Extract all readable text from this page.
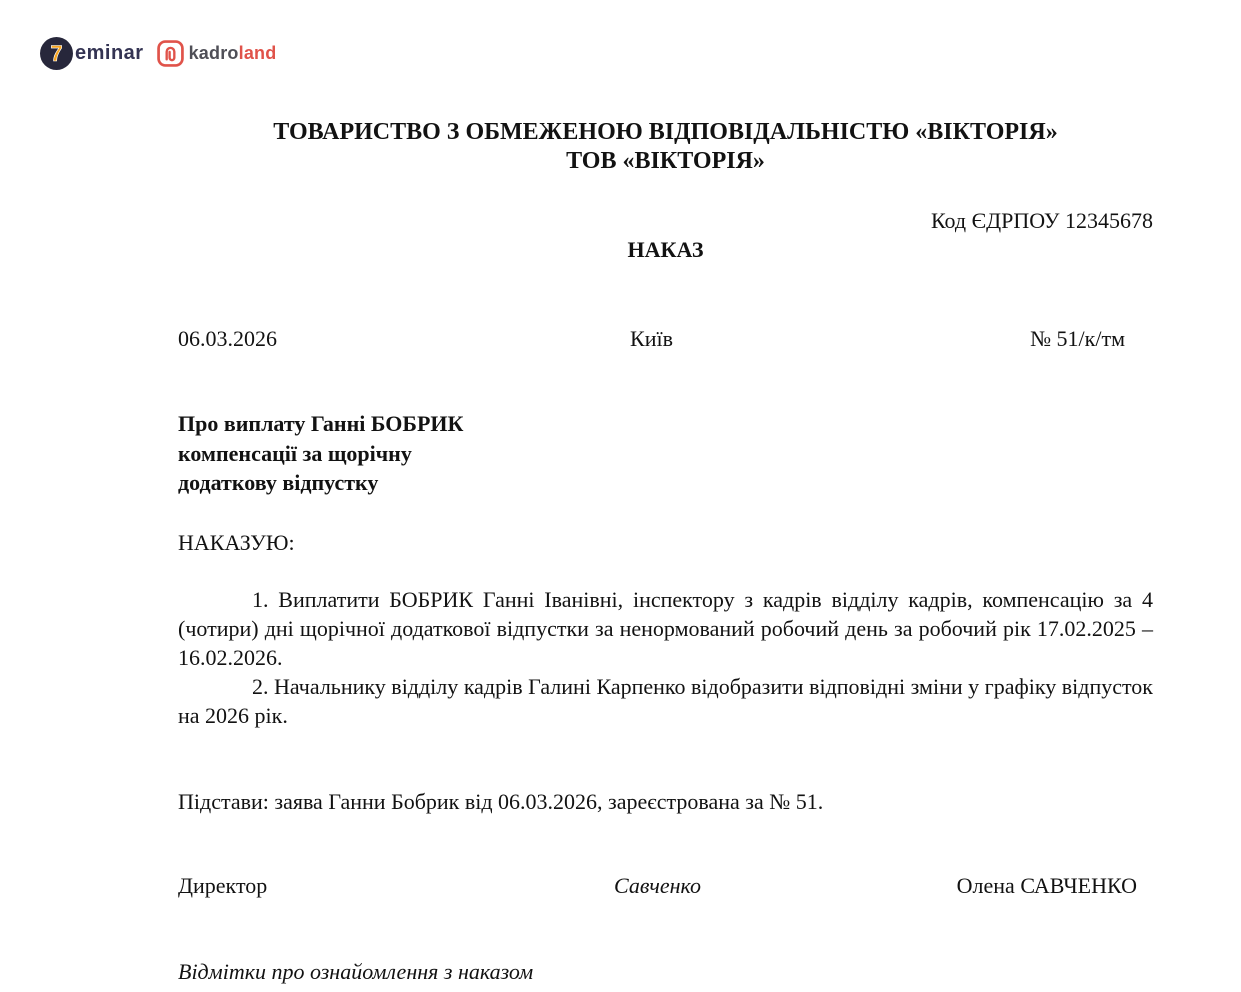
7 eminar	kadroland
ТОВАРИСТВО З ОБМЕЖЕНОЮ ВІДПОВІДАЛЬНІСТЮ «ВІКТОРІЯ»
ТОВ «ВІКТОРІЯ»
Код ЄДРПОУ 12345678
НАКАЗ
06.03.2026	Київ	№ 51/к/тм
Про виплату Ганні БОБРИК
компенсації за щорічну
додаткову відпустку
НАКАЗУЮ:

1. Виплатити БОБРИК Ганні Іванівні, інспектору з кадрів відділу кадрів, компенсацію за 4 (чотири) дні щорічної додаткової відпустки за ненормований робочий день за робочий рік 17.02.2025 – 16.02.2026.

2. Начальнику відділу кадрів Галині Карпенко відобразити відповідні зміни у графіку відпусток на 2026 рік.

Підстави: заява Ганни Бобрик від 06.03.2026, зареєстрована за № 51.
Директор	Савченко	Олена САВЧЕНКО
Відмітки про ознайомлення з наказом
